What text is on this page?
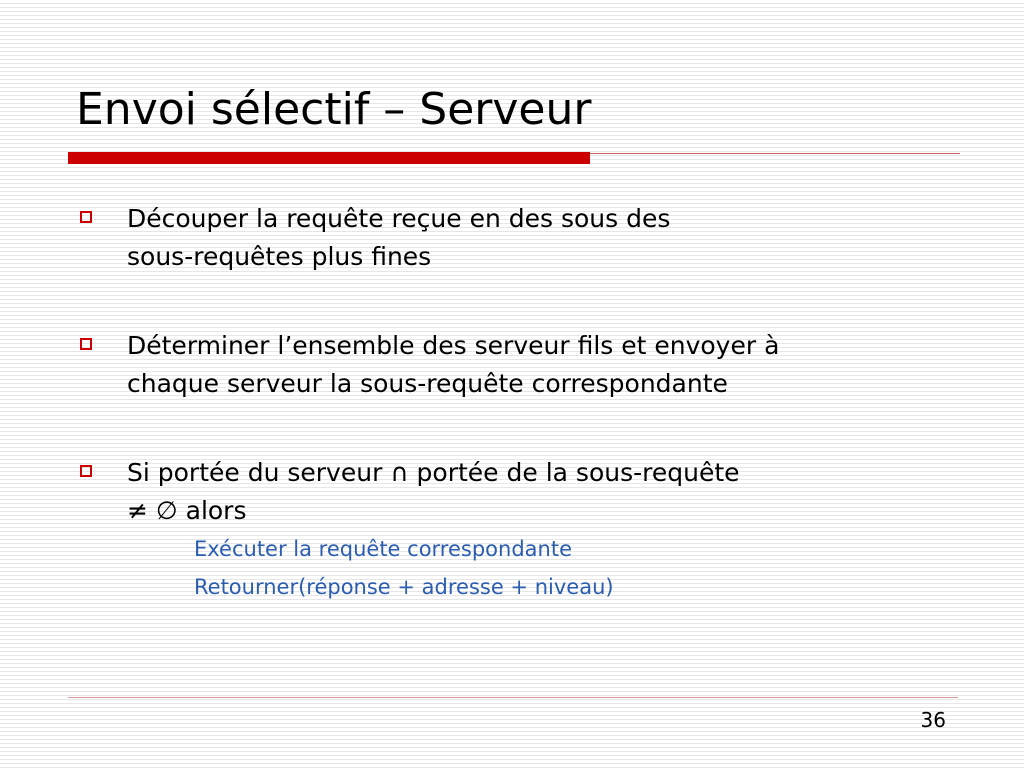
Envoi sélectif – Serveur
Découper la requête reçue en des sous des
sous-requêtes plus fines
Déterminer l’ensemble des serveur fils et envoyer à
chaque serveur la sous-requête correspondante
Si portée du serveur ∩ portée de la sous-requête
≠ ∅ alors
Exécuter la requête correspondante
Retourner(réponse + adresse + niveau)
36
